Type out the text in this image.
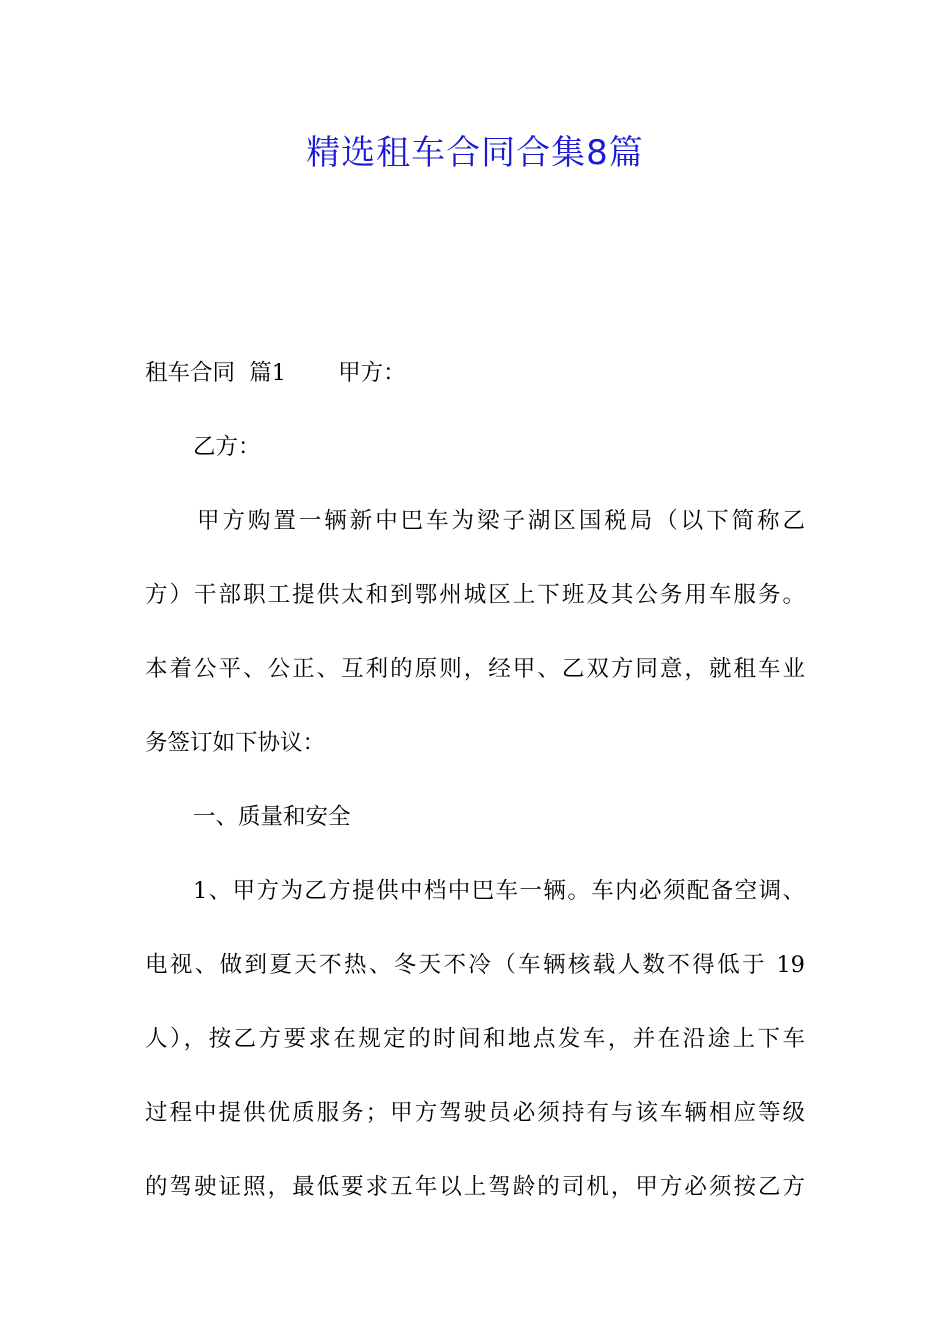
精选租车合同合集8篇
租车合同  篇1 甲方：
乙方：
甲方购置一辆新中巴车为梁子湖区国税局（以下简称乙
方）干部职工提供太和到鄂州城区上下班及其公务用车服务。
本着公平、公正、互利的原则，经甲、乙双方同意，就租车业
务签订如下协议：
一、质量和安全
1、甲方为乙方提供中档中巴车一辆。车内必须配备空调、
电视、做到夏天不热、冬天不冷（车辆核载人数不得低于 19
人），按乙方要求在规定的时间和地点发车，并在沿途上下车
过程中提供优质服务；甲方驾驶员必须持有与该车辆相应等级
的驾驶证照，最低要求五年以上驾龄的司机，甲方必须按乙方
